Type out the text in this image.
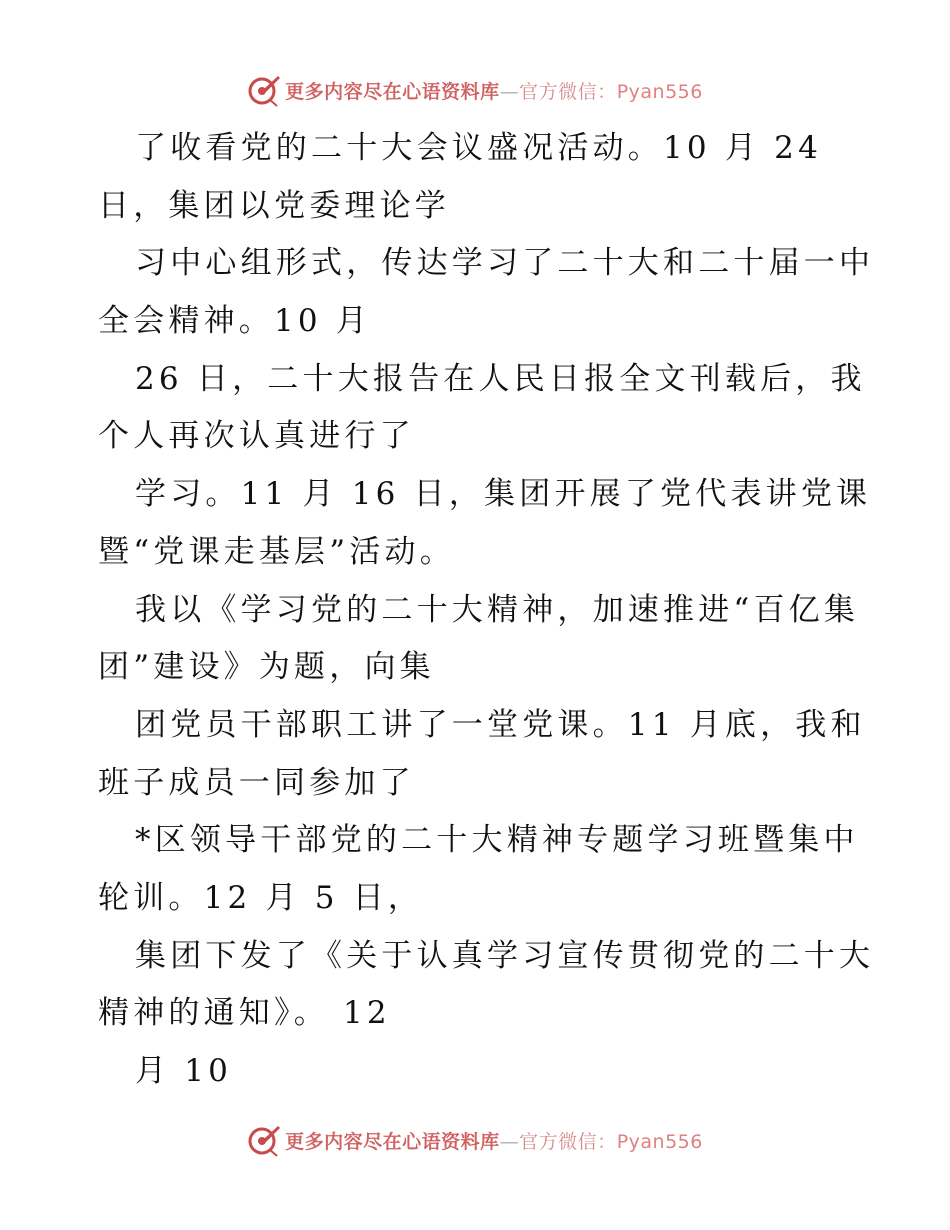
更多内容尽在心语资料库—官方微信：Pyan556
了收看党的二十大会议盛况活动。10 月 24
日，集团以党委理论学
习中心组形式，传达学习了二十大和二十届一中
全会精神。10 月
26 日，二十大报告在人民日报全文刊载后，我
个人再次认真进行了
学习。11 月 16 日，集团开展了党代表讲党课
暨“党课走基层”活动。
我以《学习党的二十大精神，加速推进“百亿集
团”建设》为题，向集
团党员干部职工讲了一堂党课。11 月底，我和
班子成员一同参加了
*区领导干部党的二十大精神专题学习班暨集中
轮训。12 月 5 日，
集团下发了《关于认真学习宣传贯彻党的二十大
精神的通知》。 12
月 10
更多内容尽在心语资料库—官方微信：Pyan556
